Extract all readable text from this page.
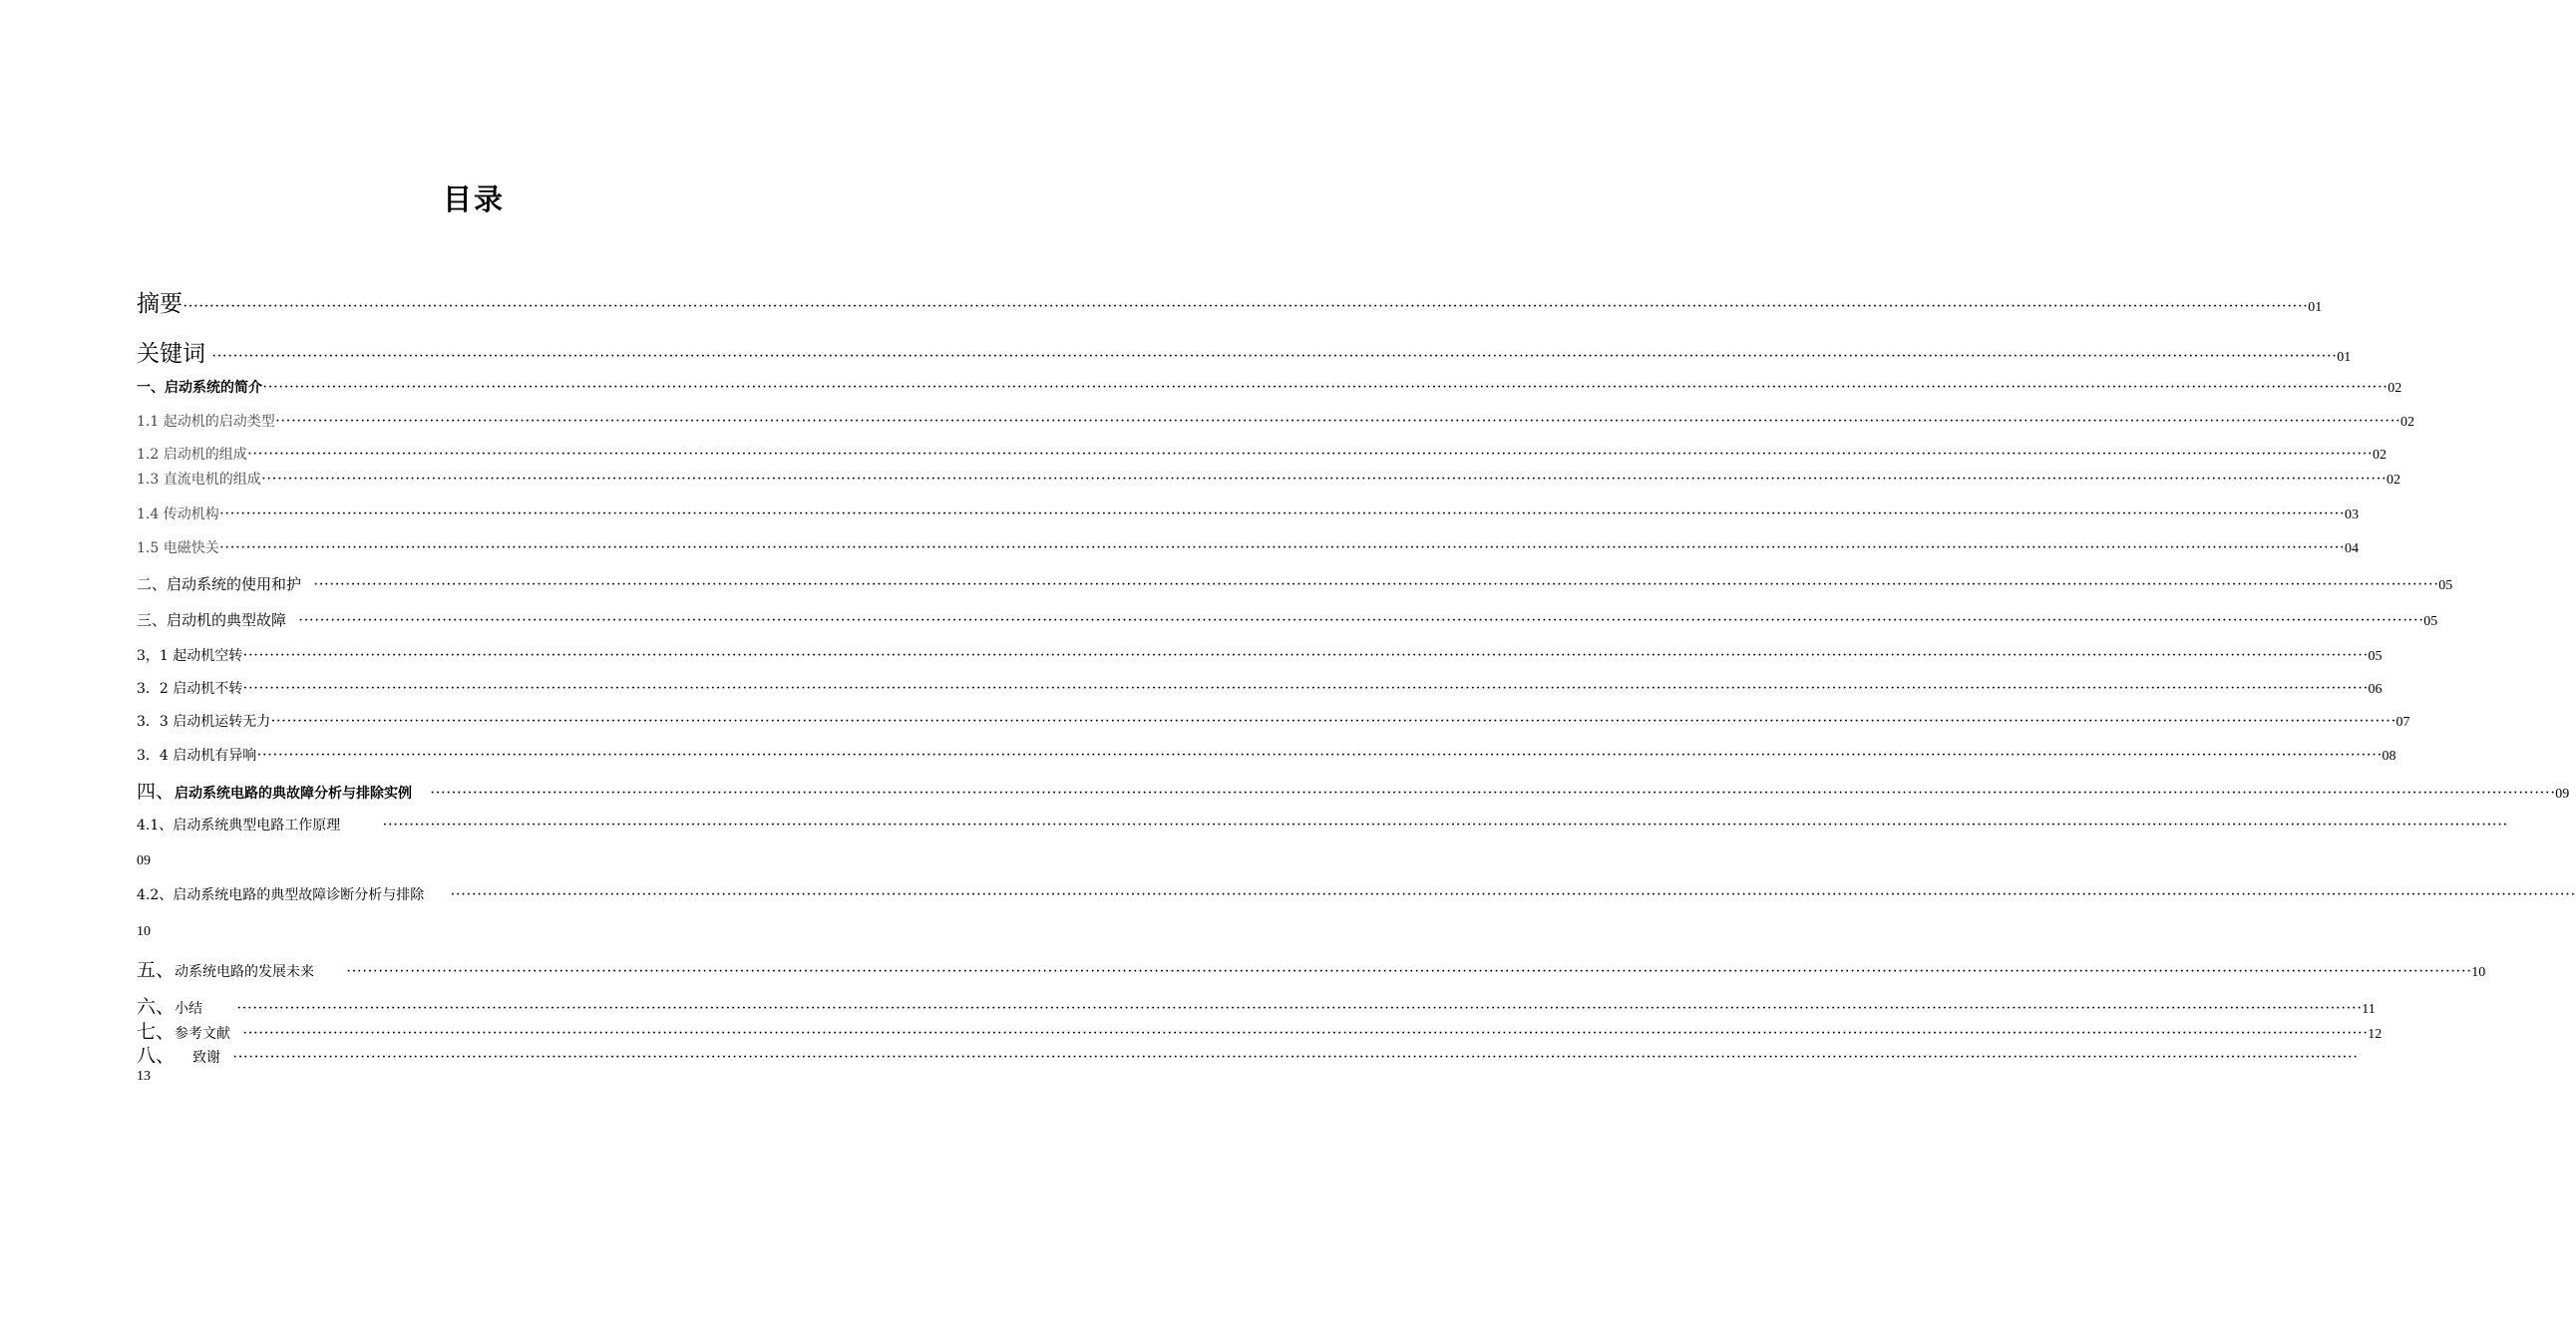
目录
摘要 ················································································································································································································································································································································································································ 01
关键词 ················································································································································································································································································································································································································ 01
一、启动系统的简介 ················································································································································································································································································································································································································ 02
1.1 起动机的启动类型 ················································································································································································································································································································································································································ 02
1.2 启动机的组成 ················································································································································································································································································································································································································ 02
1.3 直流电机的组成 ················································································································································································································································································································································································································ 02
1.4 传动机构 ················································································································································································································································································································································································································ 03
1.5 电磁快关 ················································································································································································································································································································································································································ 04
二、启动系统的使用和护 ················································································································································································································································································································································································································ 05
三、启动机的典型故障 ················································································································································································································································································································································································································ 05
3，1 起动机空转 ················································································································································································································································································································································································································ 05
3．2 启动机不转 ················································································································································································································································································································································································································ 06
3．3 启动机运转无力 ················································································································································································································································································································································································································ 07
3．4 启动机有异响 ················································································································································································································································································································································································································ 08
四、 启动系统电路的典故障分析与排除实例 ················································································································································································································································································································································································································ 09
4.1、启动系统典型电路工作原理	················································································································································································································································································································································································································
09
4.2、启动系统电路的典型故障诊断分析与排除 ················································································································································································································································································································································································································
10
五、 动系统电路的发展未来 ················································································································································································································································································································································································································ 10
六、 小结 ················································································································································································································································································································································································································ 11
七、 参考文献 ················································································································································································································································································································································································································ 12
八、 致谢 ················································································································································································································································································································································································································
13
